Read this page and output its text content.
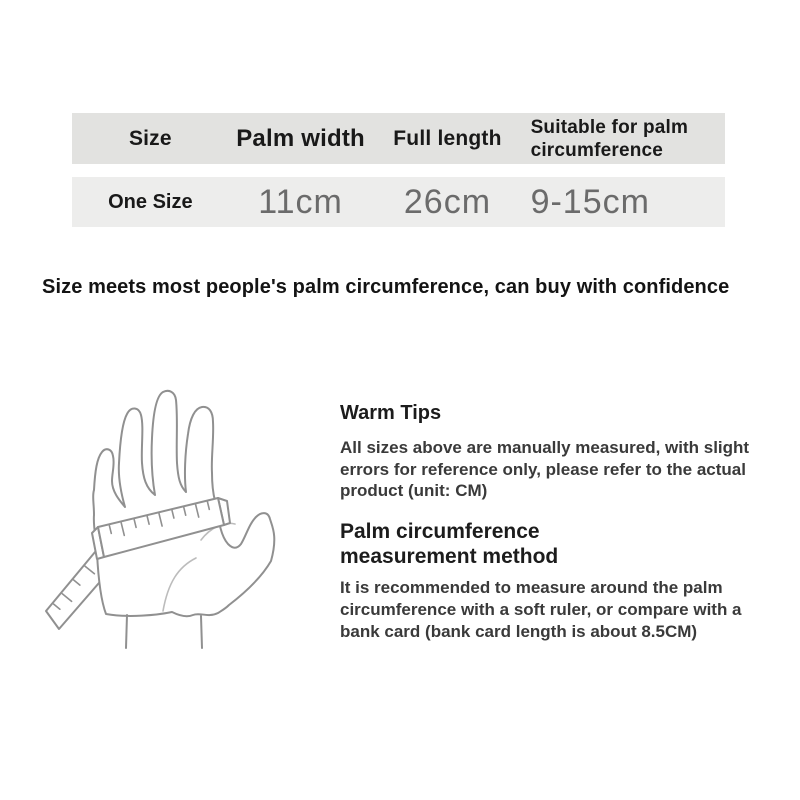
Size	Palm width	Full length	Suitable for palm circumference
One Size	11cm	26cm	9-15cm
Size meets most people's palm circumference, can buy with confidence

Warm Tips

All sizes above are manually measured, with slight errors for reference only, please refer to the actual product (unit: CM)

Palm circumference measurement method

It is recommended to measure around the palm circumference with a soft ruler, or compare with a bank card (bank card length is about 8.5CM)
